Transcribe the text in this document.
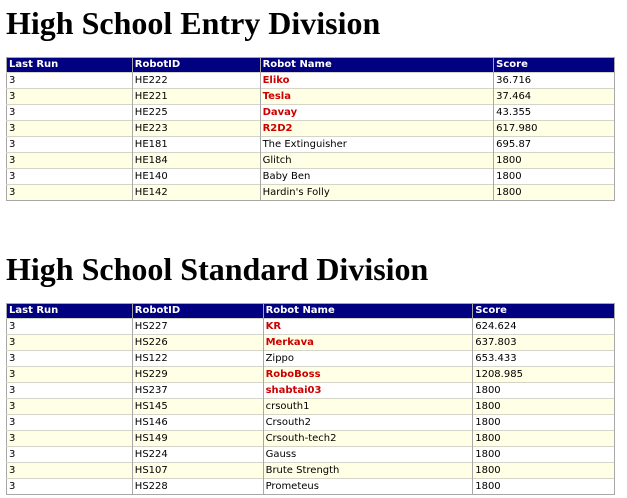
High School Entry Division
Last Run	RobotID	Robot Name	Score
3	HE222	Eliko	36.716
3	HE221	Tesla	37.464
3	HE225	Davay	43.355
3	HE223	R2D2	617.980
3	HE181	The Extinguisher	695.87
3	HE184	Glitch	1800
3	HE140	Baby Ben	1800
3	HE142	Hardin's Folly	1800
High School Standard Division
Last Run	RobotID	Robot Name	Score
3	HS227	KR	624.624
3	HS226	Merkava	637.803
3	HS122	Zippo	653.433
3	HS229	RoboBoss	1208.985
3	HS237	shabtai03	1800
3	HS145	crsouth1	1800
3	HS146	Crsouth2	1800
3	HS149	Crsouth-tech2	1800
3	HS224	Gauss	1800
3	HS107	Brute Strength	1800
3	HS228	Prometeus	1800
